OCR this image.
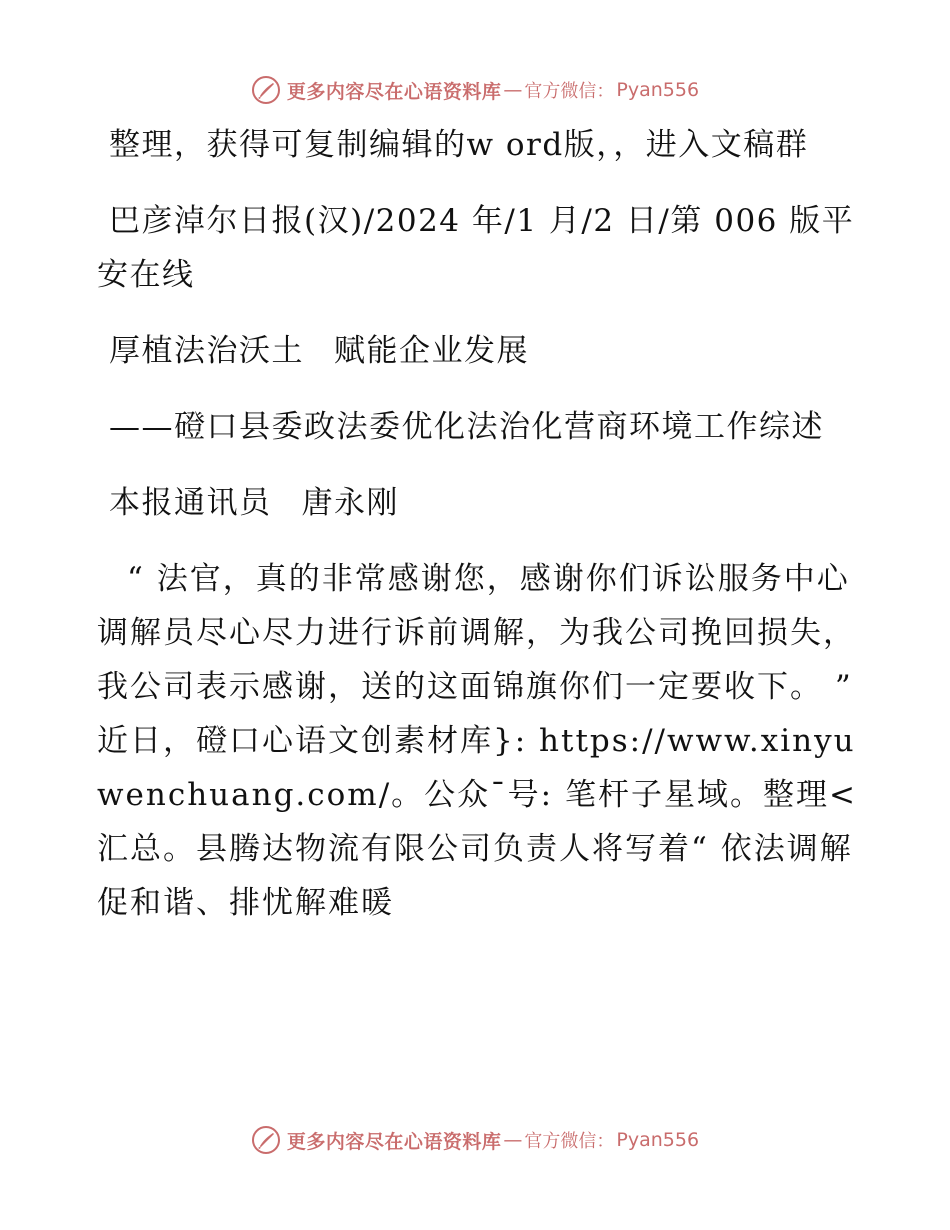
更多内容尽在心语资料库 — 官方微信： Pyan556

整理，获得可复制编辑的w ord版，，进入文稿群

巴彦淖尔日报(汉)/2024 年/1 月/2 日/第 006 版平安在线

厚植法治沃土 赋能企业发展

——磴口县委政法委优化法治化营商环境工作综述

本报通讯员 唐永刚

“ 法官，真的非常感谢您，感谢你们诉讼服务中心调解员尽心尽力进行诉前调解，为我公司挽回损失，我公司表示感谢，送的这面锦旗你们一定要收下。 ” 近日，磴口心语文创素材库}: https://www.xinyuwenchuang.com/。公众¯号: 笔杆子星域。整理<汇总。县腾达物流有限公司负责人将写着“ 依法调解促和谐、排忧解难暖

更多内容尽在心语资料库 — 官方微信： Pyan556
